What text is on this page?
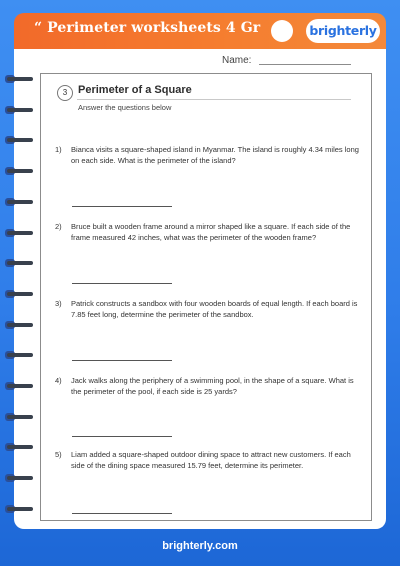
“ Perimeter worksheets 4 Gr	brighterly
Name:
3 Perimeter of a Square
Answer the questions below
1)	Bianca visits a square-shaped island in Myanmar. The island is roughly 4.34 miles long on each side. What is the perimeter of the island?
2)	Bruce built a wooden frame around a mirror shaped like a square. If each side of the frame measured 42 inches, what was the perimeter of the wooden frame?
3)	Patrick constructs a sandbox with four wooden boards of equal length. If each board is 7.85 feet long, determine the perimeter of the sandbox.
4)	Jack walks along the periphery of a swimming pool, in the shape of a square. What is the perimeter of the pool, if each side is 25 yards?
5)	Liam added a square-shaped outdoor dining space to attract new customers. If each side of the dining space measured 15.79 feet, determine its perimeter.
brighterly.com
